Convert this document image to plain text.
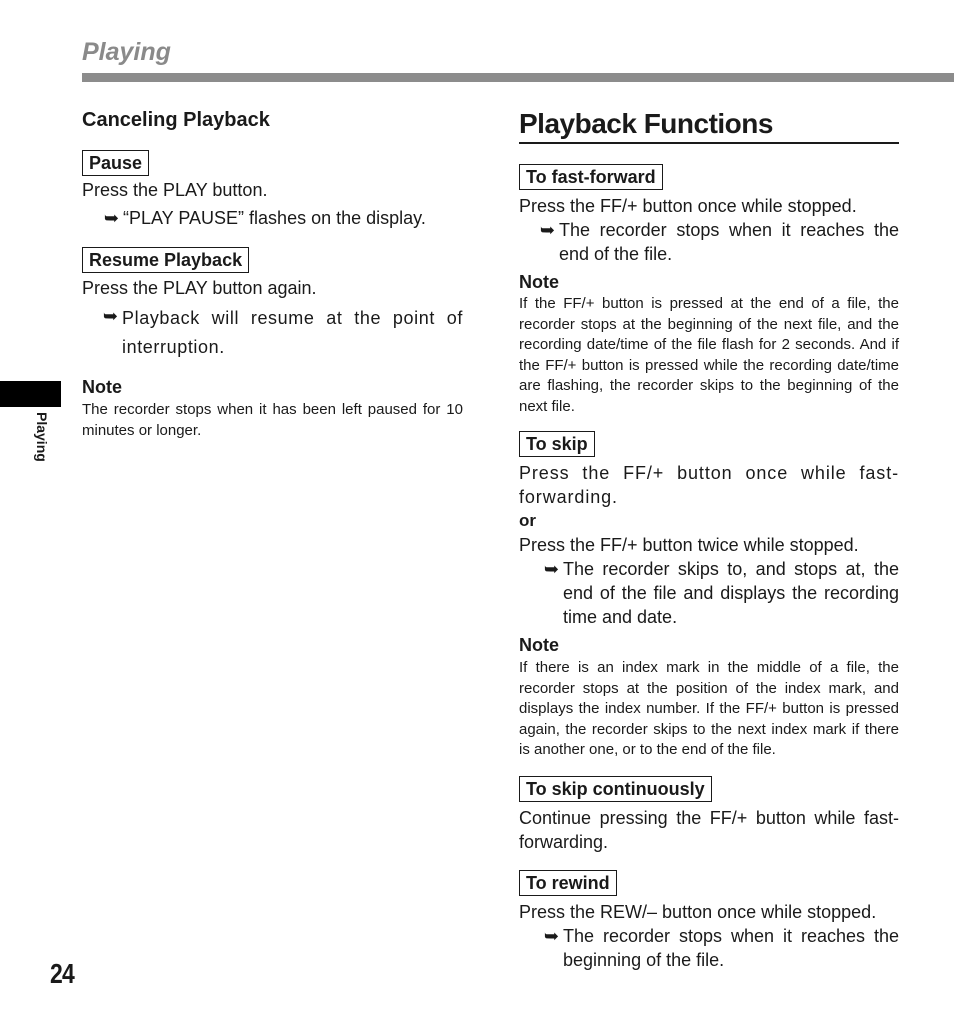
Playing
Playing
24
Canceling Playback
Pause

Press the PLAY button.

➥ “PLAY PAUSE” flashes on the display.
Resume Playback

Press the PLAY button again.

➥ Playback will resume at the point of interruption.

Note

The recorder stops when it has been left paused for 10 minutes or longer.

Playback Functions
To fast-forward

Press the FF/+ button once while stopped.

➥ The recorder stops when it reaches the end of the file.

Note

If the FF/+ button is pressed at the end of a file, the recorder stops at the beginning of the next file, and the recording date/time of the file flash for 2 seconds. And if the FF/+ button is pressed while the recording date/time are flashing, the recorder skips to the beginning of the next file.

To skip

Press the FF/+ button once while fast-forwarding.

or

Press the FF/+ button twice while stopped.

➥ The recorder skips to, and stops at, the end of the file and displays the recording time and date.

Note

If there is an index mark in the middle of a file, the recorder stops at the position of the index mark, and displays the index number. If the FF/+ button is pressed again, the recorder skips to the next index mark if there is another one, or to the end of the file.

To skip continuously

Continue pressing the FF/+ button while fast-forwarding.

To rewind

Press the REW/– button once while stopped.

➥ The recorder stops when it reaches the beginning of the file.
